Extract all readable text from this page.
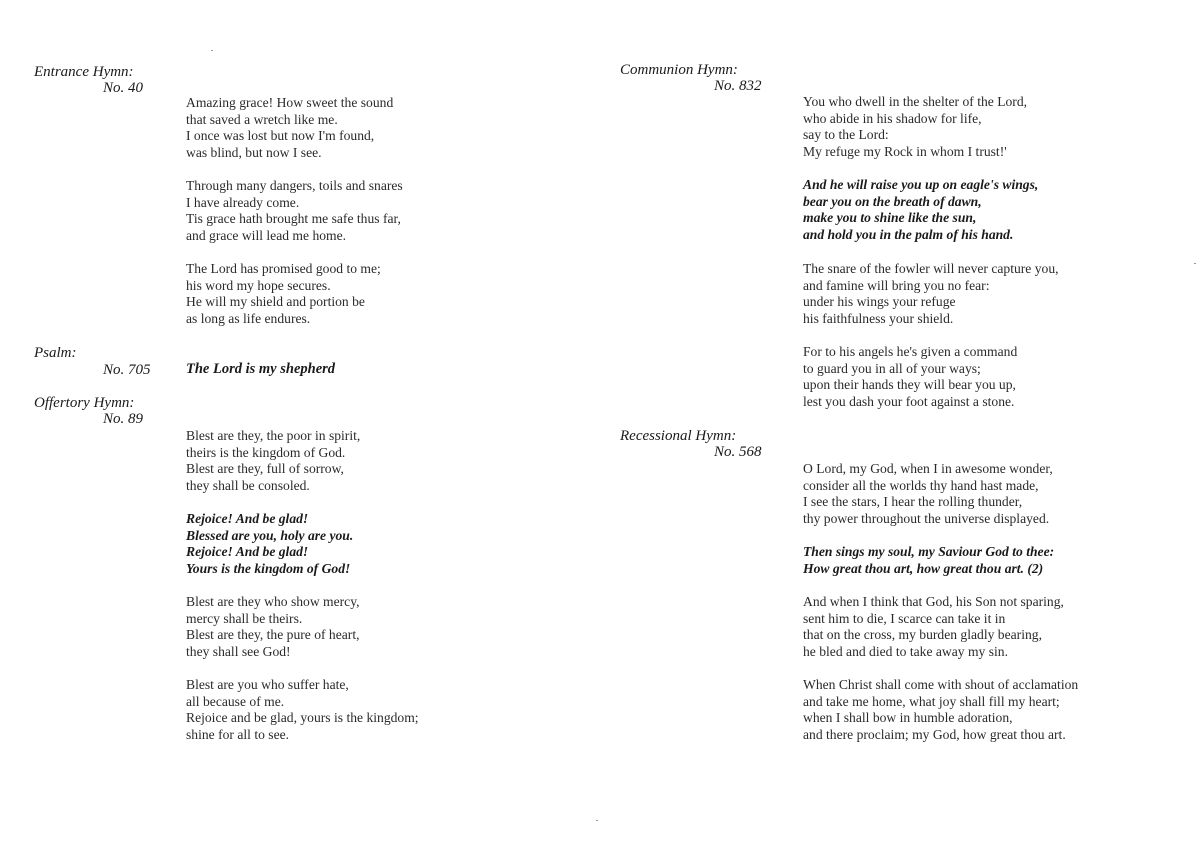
Entrance Hymn:
No. 40
Amazing grace! How sweet the sound
that saved a wretch like me.
I once was lost but now I'm found,
was blind, but now I see.
Through many dangers, toils and snares
I have already come.
Tis grace hath brought me safe thus far,
and grace will lead me home.
The Lord has promised good to me;
his word my hope secures.
He will my shield and portion be
as long as life endures.
Psalm:
No. 705 The Lord is my shepherd
Offertory Hymn:
No. 89
Blest are they, the poor in spirit,
theirs is the kingdom of God.
Blest are they, full of sorrow,
they shall be consoled.
Rejoice! And be glad!
Blessed are you, holy are you.
Rejoice! And be glad!
Yours is the kingdom of God!
Blest are they who show mercy,
mercy shall be theirs.
Blest are they, the pure of heart,
they shall see God!
Blest are you who suffer hate,
all because of me.
Rejoice and be glad, yours is the kingdom;
shine for all to see.
Communion Hymn:
No. 832
You who dwell in the shelter of the Lord,
who abide in his shadow for life,
say to the Lord:
My refuge my Rock in whom I trust!'
And he will raise you up on eagle's wings,
bear you on the breath of dawn,
make you to shine like the sun,
and hold you in the palm of his hand.
The snare of the fowler will never capture you,
and famine will bring you no fear:
under his wings your refuge
his faithfulness your shield.
For to his angels he's given a command
to guard you in all of your ways;
upon their hands they will bear you up,
lest you dash your foot against a stone.
Recessional Hymn:
No. 568
O Lord, my God, when I in awesome wonder,
consider all the worlds thy hand hast made,
I see the stars, I hear the rolling thunder,
thy power throughout the universe displayed.
Then sings my soul, my Saviour God to thee:
How great thou art, how great thou art. (2)
And when I think that God, his Son not sparing,
sent him to die, I scarce can take it in
that on the cross, my burden gladly bearing,
he bled and died to take away my sin.
When Christ shall come with shout of acclamation
and take me home, what joy shall fill my heart;
when I shall bow in humble adoration,
and there proclaim; my God, how great thou art.
